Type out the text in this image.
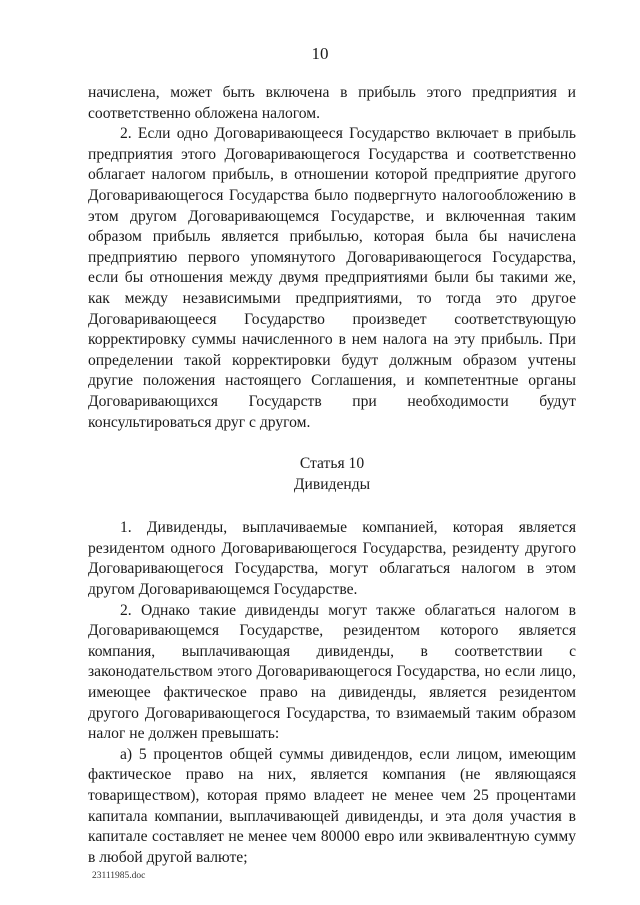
10

начислена, может быть включена в прибыль этого предприятия и соответственно обложена налогом.

2. Если одно Договаривающееся Государство включает в прибыль предприятия этого Договаривающегося Государства и соответственно облагает налогом прибыль, в отношении которой предприятие другого Договаривающегося Государства было подвергнуто налогообложению в этом другом Договаривающемся Государстве, и включенная таким образом прибыль является прибылью, которая была бы начислена предприятию первого упомянутого Договаривающегося Государства, если бы отношения между двумя предприятиями были бы такими же, как между независимыми предприятиями, то тогда это другое Договаривающееся Государство произведет соответствующую корректировку суммы начисленного в нем налога на эту прибыль. При определении такой корректировки будут должным образом учтены другие положения настоящего Соглашения, и компетентные органы Договаривающихся Государств при необходимости будут консультироваться друг с другом.

Статья 10

Дивиденды

1. Дивиденды, выплачиваемые компанией, которая является резидентом одного Договаривающегося Государства, резиденту другого Договаривающегося Государства, могут облагаться налогом в этом другом Договаривающемся Государстве.

2. Однако такие дивиденды могут также облагаться налогом в Договаривающемся Государстве, резидентом которого является компания, выплачивающая дивиденды, в соответствии с законодательством этого Договаривающегося Государства, но если лицо, имеющее фактическое право на дивиденды, является резидентом другого Договаривающегося Государства, то взимаемый таким образом налог не должен превышать:

а) 5 процентов общей суммы дивидендов, если лицом, имеющим фактическое право на них, является компания (не являющаяся товариществом), которая прямо владеет не менее чем 25 процентами капитала компании, выплачивающей дивиденды, и эта доля участия в капитале составляет не менее чем 80000 евро или эквивалентную сумму в любой другой валюте;

23111985.doc
